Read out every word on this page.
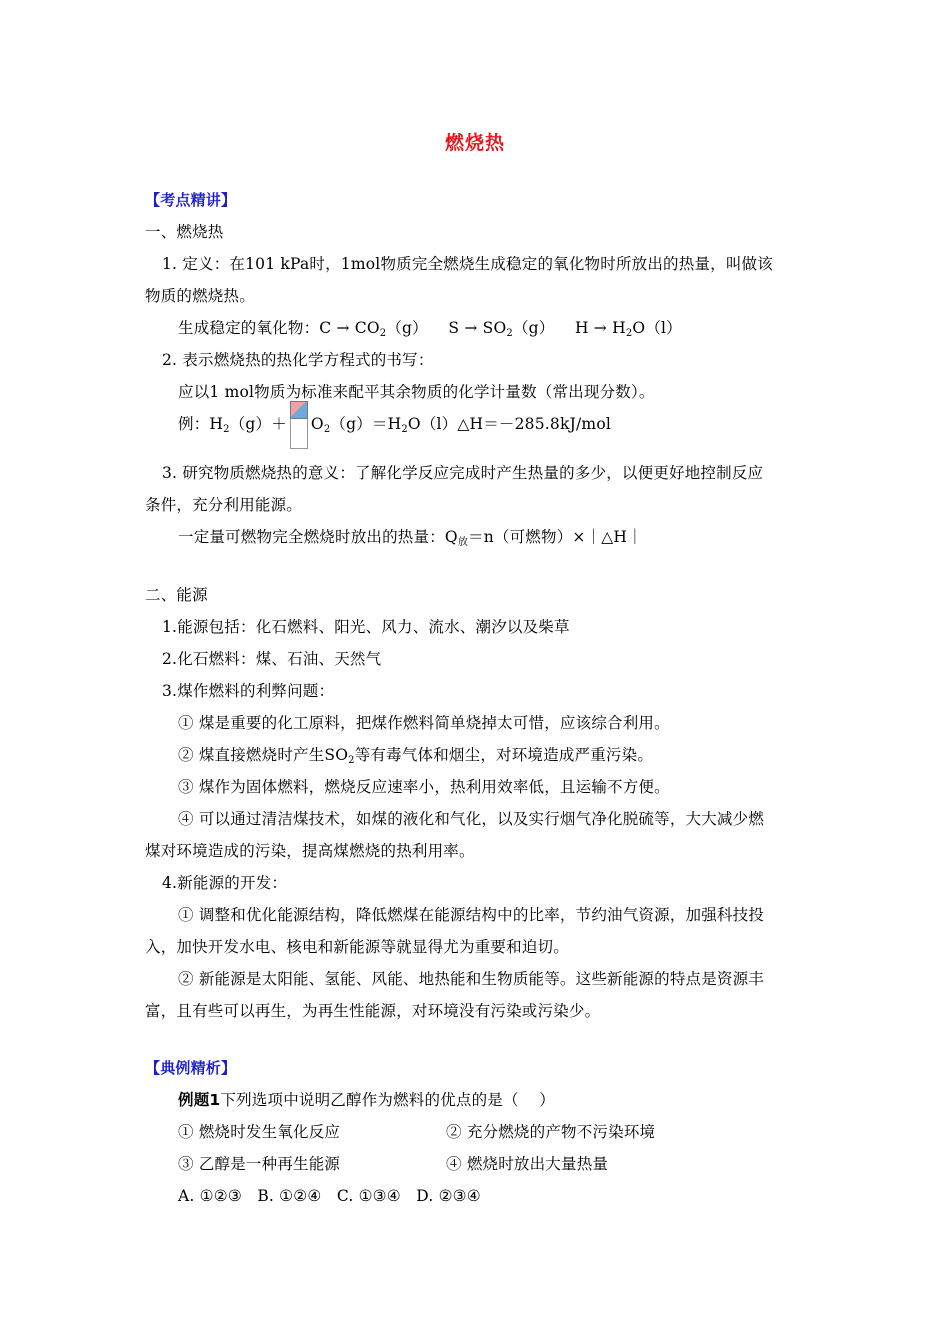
燃烧热
【考点精讲】
一、燃烧热
1. 定义：在101 kPa时，1mol物质完全燃烧生成稳定的氧化物时所放出的热量，叫做该
物质的燃烧热。
生成稳定的氧化物：$C \to CO_2(g)$    $S \to SO_2(g)$    $H \to H_2O(l)$
2. 表示燃烧热的热化学方程式的书写：
应以1 mol物质为标准来配平其余物质的化学计量数（常出现分数）。
例：$H_2(g)+$ $O_2(g)=H_2O(l)\triangle H=-285.8kJ$/mol
3. 研究物质燃烧热的意义：了解化学反应完成时产生热量的多少，以便更好地控制反应
条件，充分利用能源。
一定量可燃物完全燃烧时放出的热量：$Q_放=n$（可燃物）×｜△H｜
二、能源
1.能源包括：化石燃料、阳光、风力、流水、潮汐以及柴草
2.化石燃料：煤、石油、天然气
3.煤作燃料的利弊问题：
① 煤是重要的化工原料，把煤作燃料简单烧掉太可惜，应该综合利用。
② 煤直接燃烧时产生$SO_2$等有毒气体和烟尘，对环境造成严重污染。
③ 煤作为固体燃料，燃烧反应速率小，热利用效率低，且运输不方便。
④ 可以通过清洁煤技术，如煤的液化和气化，以及实行烟气净化脱硫等，大大减少燃
煤对环境造成的污染，提高煤燃烧的热利用率。
4.新能源的开发：
① 调整和优化能源结构，降低燃煤在能源结构中的比率，节约油气资源，加强科技投
入，加快开发水电、核电和新能源等就显得尤为重要和迫切。
② 新能源是太阳能、氢能、风能、地热能和生物质能等。这些新能源的特点是资源丰
富，且有些可以再生，为再生性能源，对环境没有污染或污染少。
【典例精析】
例题1下列选项中说明乙醇作为燃料的优点的是（    ）
① 燃烧时发生氧化反应	② 充分燃烧的产物不污染环境
③ 乙醇是一种再生能源	④ 燃烧时放出大量热量
A. ①②③   B. ①②④   C. ①③④   D. ②③④
